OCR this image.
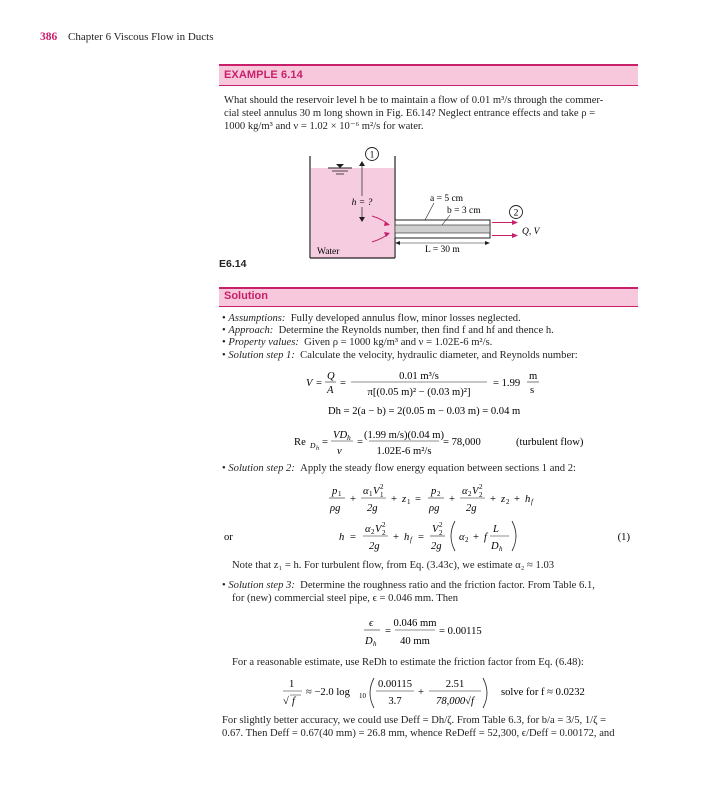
386 Chapter 6 Viscous Flow in Ducts
EXAMPLE 6.14
What should the reservoir level h be to maintain a flow of 0.01 m³/s through the commer-
cial steel annulus 30 m long shown in Fig. E6.14? Neglect entrance effects and take ρ =
1000 kg/m³ and ν = 1.02 × 10⁻⁶ m²/s for water.
1
h = ?
Q, V
2
a = 5 cm
b = 3 cm
L = 30 m
Water
E6.14
Solution
• Assumptions: Fully developed annulus flow, minor losses neglected.
• Approach: Determine the Reynolds number, then find f and hf and thence h.
• Property values: Given ρ = 1000 kg/m³ and ν = 1.02E-6 m²/s.
• Solution step 1: Calculate the velocity, hydraulic diameter, and Reynolds number:
V =
Q
A
=
0.01 m³/s
π[(0.05 m)² − (0.03 m)²]
= 1.99
m
s
Dh = 2(a − b) = 2(0.05 m − 0.03 m) = 0.04 m
Re D h
=
VD h
ν
=
(1.99 m/s)(0.04 m)
1.02E-6 m²/s
= 78,000	(turbulent flow)
• Solution step 2: Apply the steady flow energy equation between sections 1 and 2:
p 1
ρg
+
α 1 V 2
1
2g
+ z 1 =
p 2
ρg
+
α 2 V 2
2
2g
+ z 2 + h f
or	h =
α 2 V 2
2
2g
+ h f =
V 2
2
2g
α 2 + f
L
D h
(1)
Note that z₁ = h. For turbulent flow, from Eq. (3.43c), we estimate α₂ ≈ 1.03
• Solution step 3: Determine the roughness ratio and the friction factor. From Table 6.1,
for (new) commercial steel pipe, ϵ = 0.046 mm. Then
ϵ
D h
=
0.046 mm
40 mm
= 0.00115
For a reasonable estimate, use ReDh to estimate the friction factor from Eq. (6.48):
1
√ f
≈ −2.0 log 10
0.00115
3.7
+
2.51
78,000√f
solve for f ≈ 0.0232
For slightly better accuracy, we could use Deff = Dh/ζ. From Table 6.3, for b/a = 3/5, 1/ζ =
0.67. Then Deff = 0.67(40 mm) = 26.8 mm, whence ReDeff = 52,300, ϵ/Deff = 0.00172, and
